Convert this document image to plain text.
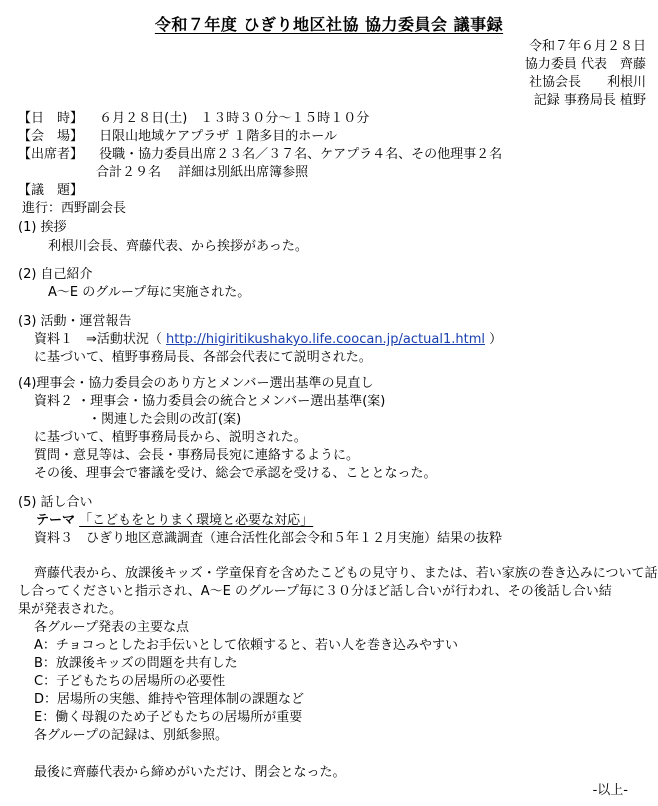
令和７年度 ひぎり地区社協 協力委員会 議事録
令和７年６月２８日
協力委員 代表　齊藤
社協会長　　利根川
記録 事務局長 植野
【日　時】 ６月２８日(土)　１３時３０分～１５時１０分
【会　場】 日限山地域ケアプラザ １階多目的ホール
【出席者】 役職・協力委員出席２３名／３７名、ケアプラ４名、その他理事２名
合計２９名　 詳細は別紙出席簿参照
【議　題】
進行：西野副会長
(1) 挨拶
利根川会長、齊藤代表、から挨拶があった。
(2) 自己紹介
A～E のグループ毎に実施された。
(3) 活動・運営報告
資料１　⇒活動状況（ http://higiritikushakyo.life.coocan.jp/actual1.html ）
に基づいて、植野事務局長、各部会代表にて説明された。
(4)理事会・協力委員会のあり方とメンバー選出基準の見直し
資料２ ・理事会・協力委員会の統合とメンバー選出基準(案)
・関連した会則の改訂(案)
に基づいて、植野事務局長から、説明された。
質問・意見等は、会長・事務局長宛に連絡するように。
その後、理事会で審議を受け、総会で承認を受ける、こととなった。
(5) 話し合い
テーマ 「こどもをとりまく環境と必要な対応」
資料３　ひぎり地区意識調査（連合活性化部会令和５年１２月実施）結果の抜粋
齊藤代表から、放課後キッズ・学童保育を含めたこどもの見守り、または、若い家族の巻き込みについて話
し合ってくださいと指示され、A～E のグループ毎に３０分ほど話し合いが行われ、その後話し合い結
果が発表された。
各グループ発表の主要な点
A：チョコっとしたお手伝いとして依頼すると、若い人を巻き込みやすい
B：放課後キッズの問題を共有した
C：子どもたちの居場所の必要性
D：居場所の実態、維持や管理体制の課題など
E：働く母親のため子どもたちの居場所が重要
各グループの記録は、別紙参照。
最後に齊藤代表から締めがいただけ、閉会となった。
-以上-
